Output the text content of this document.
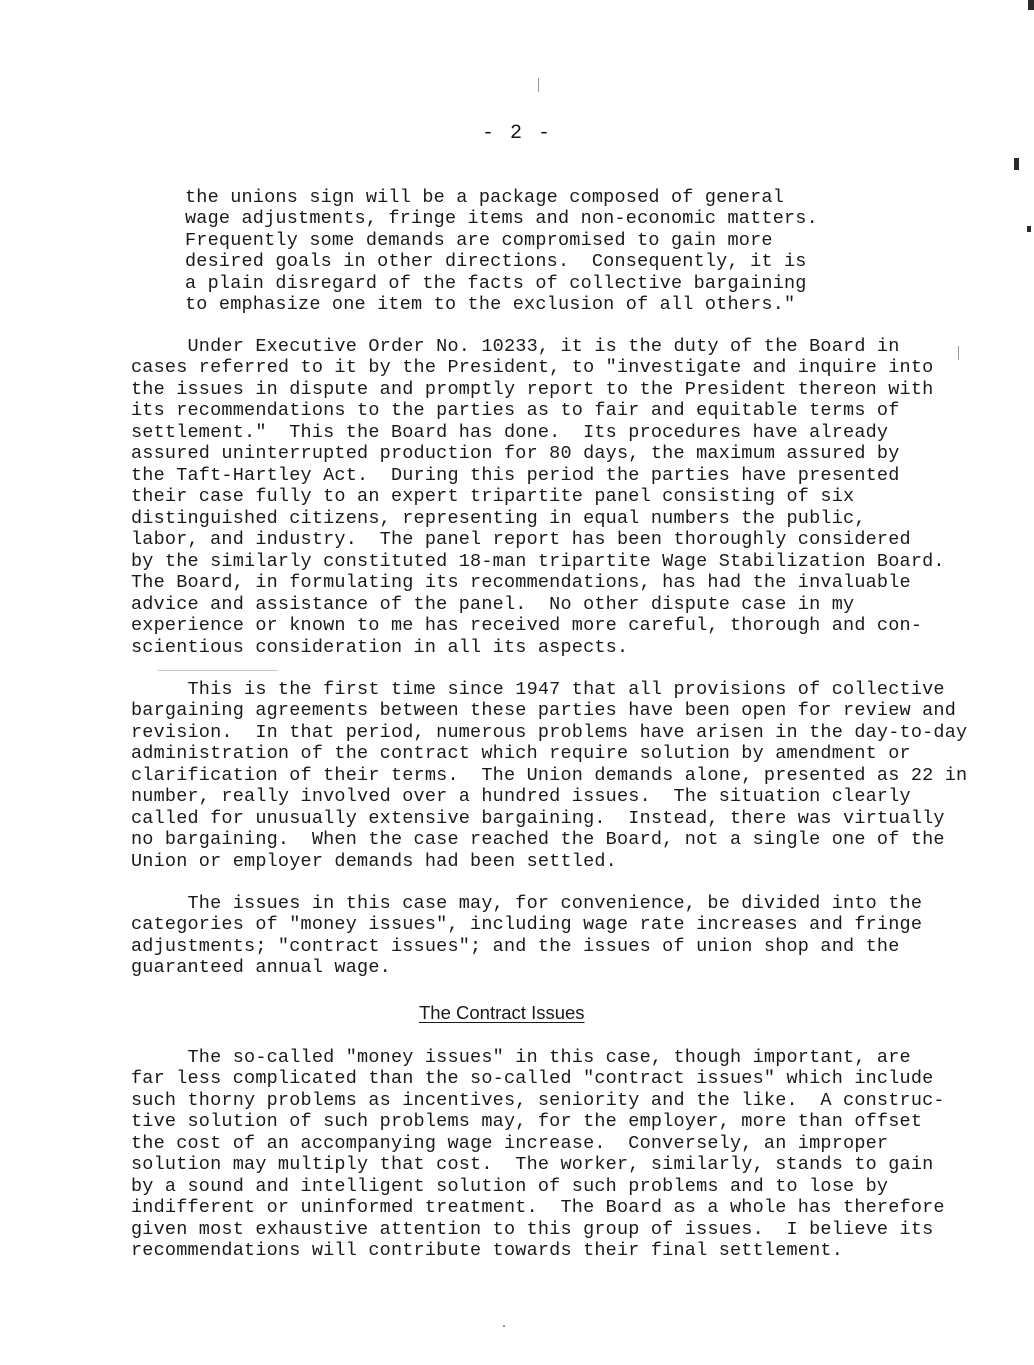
- 2 -
the unions sign will be a package composed of general
wage adjustments, fringe items and non-economic matters.
Frequently some demands are compromised to gain more
desired goals in other directions.  Consequently, it is
a plain disregard of the facts of collective bargaining
to emphasize one item to the exclusion of all others."
Under Executive Order No. 10233, it is the duty of the Board in
cases referred to it by the President, to "investigate and inquire into
the issues in dispute and promptly report to the President thereon with
its recommendations to the parties as to fair and equitable terms of
settlement."  This the Board has done.  Its procedures have already
assured uninterrupted production for 80 days, the maximum assured by
the Taft-Hartley Act.  During this period the parties have presented
their case fully to an expert tripartite panel consisting of six
distinguished citizens, representing in equal numbers the public,
labor, and industry.  The panel report has been thoroughly considered
by the similarly constituted 18-man tripartite Wage Stabilization Board.
The Board, in formulating its recommendations, has had the invaluable
advice and assistance of the panel.  No other dispute case in my
experience or known to me has received more careful, thorough and con-
scientious consideration in all its aspects.
This is the first time since 1947 that all provisions of collective
bargaining agreements between these parties have been open for review and
revision.  In that period, numerous problems have arisen in the day-to-day
administration of the contract which require solution by amendment or
clarification of their terms.  The Union demands alone, presented as 22 in
number, really involved over a hundred issues.  The situation clearly
called for unusually extensive bargaining.  Instead, there was virtually
no bargaining.  When the case reached the Board, not a single one of the
Union or employer demands had been settled.
The issues in this case may, for convenience, be divided into the
categories of "money issues", including wage rate increases and fringe
adjustments; "contract issues"; and the issues of union shop and the
guaranteed annual wage.
The Contract Issues
The so-called "money issues" in this case, though important, are
far less complicated than the so-called "contract issues" which include
such thorny problems as incentives, seniority and the like.  A construc-
tive solution of such problems may, for the employer, more than offset
the cost of an accompanying wage increase.  Conversely, an improper
solution may multiply that cost.  The worker, similarly, stands to gain
by a sound and intelligent solution of such problems and to lose by
indifferent or uninformed treatment.  The Board as a whole has therefore
given most exhaustive attention to this group of issues.  I believe its
recommendations will contribute towards their final settlement.
